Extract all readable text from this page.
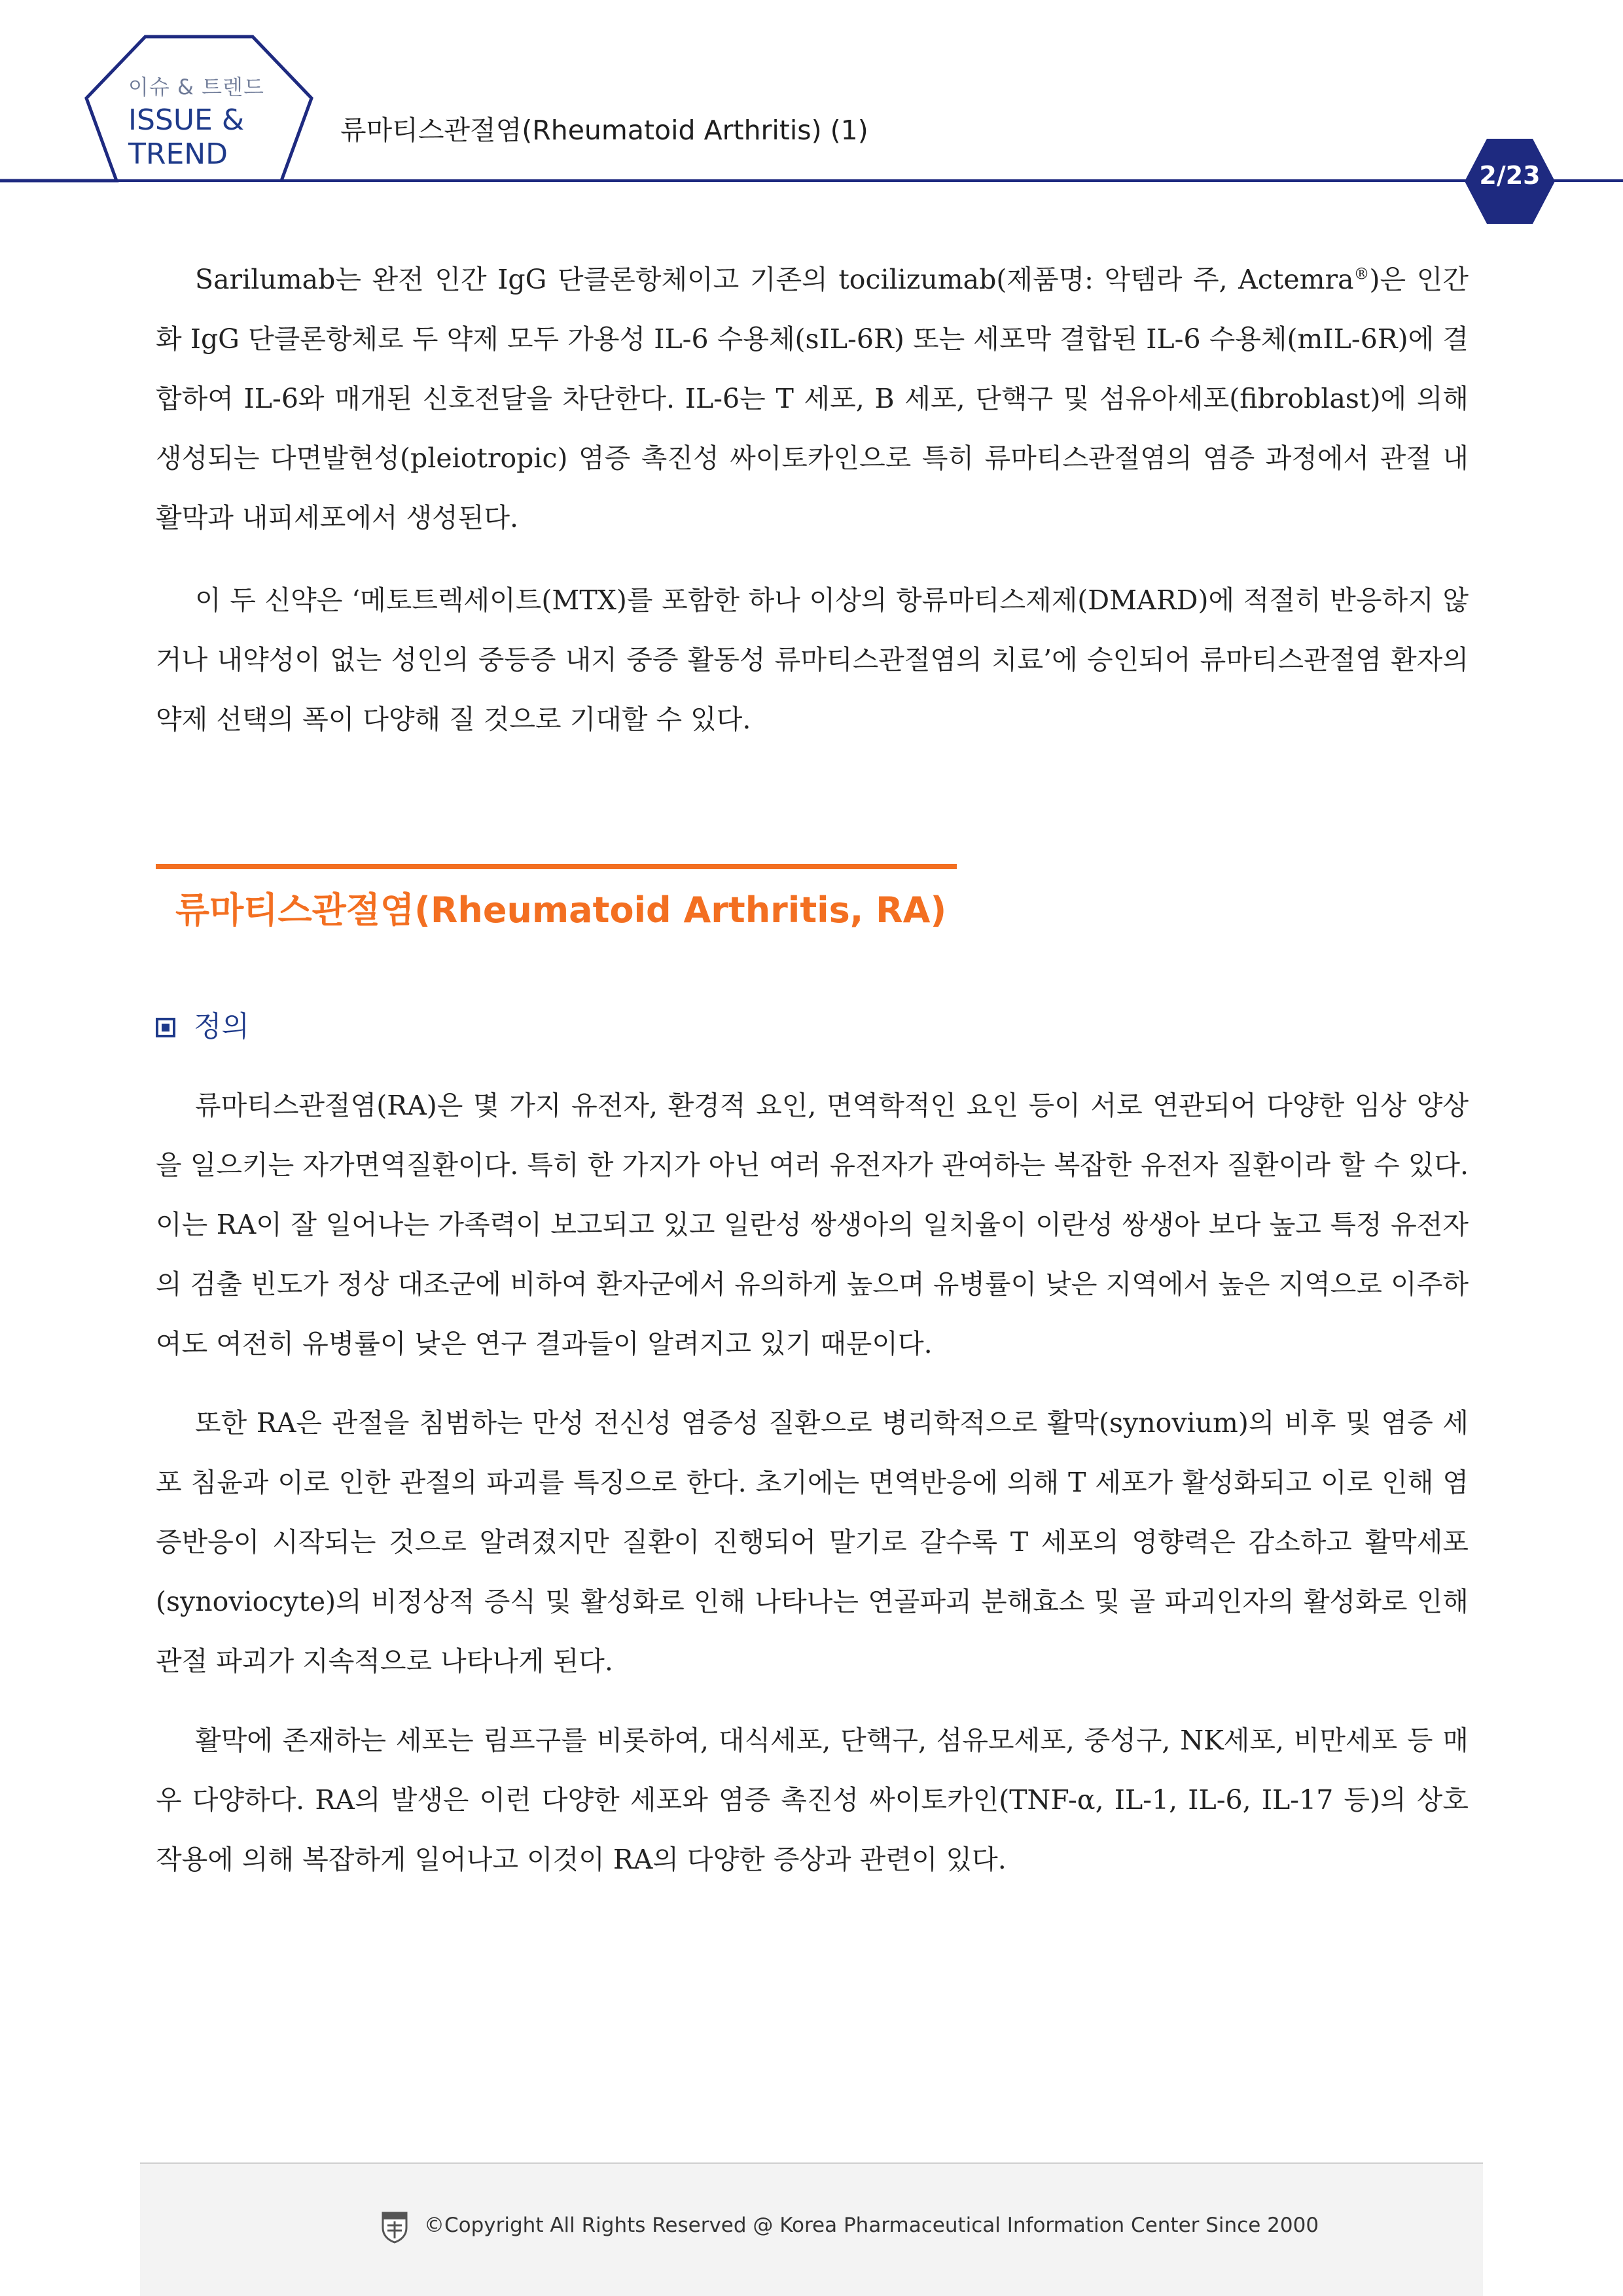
이슈 & 트렌드
ISSUE &
TREND
류마티스관절염(Rheumatoid Arthritis) (1)
2/23

Sarilumab는 완전 인간 IgG 단클론항체이고 기존의 tocilizumab(제품명: 악템라 주, Actemra®)은 인간화 IgG 단클론항체로 두 약제 모두 가용성 IL-6 수용체(sIL-6R) 또는 세포막 결합된 IL-6 수용체(mIL-6R)에 결합하여 IL-6와 매개된 신호전달을 차단한다. IL-6는 T 세포, B 세포, 단핵구 및 섬유아세포(fibroblast)에 의해 생성되는 다면발현성(pleiotropic) 염증 촉진성 싸이토카인으로 특히 류마티스관절염의 염증 과정에서 관절 내 활막과 내피세포에서 생성된다.

이 두 신약은 ‘메토트렉세이트(MTX)를 포함한 하나 이상의 항류마티스제제(DMARD)에 적절히 반응하지 않거나 내약성이 없는 성인의 중등증 내지 중증 활동성 류마티스관절염의 치료’에 승인되어 류마티스관절염 환자의 약제 선택의 폭이 다양해 질 것으로 기대할 수 있다.

류마티스관절염(Rheumatoid Arthritis, RA)
정의

류마티스관절염(RA)은 몇 가지 유전자, 환경적 요인, 면역학적인 요인 등이 서로 연관되어 다양한 임상 양상을 일으키는 자가면역질환이다. 특히 한 가지가 아닌 여러 유전자가 관여하는 복잡한 유전자 질환이라 할 수 있다. 이는 RA이 잘 일어나는 가족력이 보고되고 있고 일란성 쌍생아의 일치율이 이란성 쌍생아 보다 높고 특정 유전자의 검출 빈도가 정상 대조군에 비하여 환자군에서 유의하게 높으며 유병률이 낮은 지역에서 높은 지역으로 이주하여도 여전히 유병률이 낮은 연구 결과들이 알려지고 있기 때문이다.

또한 RA은 관절을 침범하는 만성 전신성 염증성 질환으로 병리학적으로 활막(synovium)의 비후 및 염증 세포 침윤과 이로 인한 관절의 파괴를 특징으로 한다. 초기에는 면역반응에 의해 T 세포가 활성화되고 이로 인해 염증반응이 시작되는 것으로 알려졌지만 질환이 진행되어 말기로 갈수록 T 세포의 영향력은 감소하고 활막세포(synoviocyte)의 비정상적 증식 및 활성화로 인해 나타나는 연골파괴 분해효소 및 골 파괴인자의 활성화로 인해 관절 파괴가 지속적으로 나타나게 된다.

활막에 존재하는 세포는 림프구를 비롯하여, 대식세포, 단핵구, 섬유모세포, 중성구, NK세포, 비만세포 등 매우 다양하다. RA의 발생은 이런 다양한 세포와 염증 촉진성 싸이토카인(TNF-α, IL-1, IL-6, IL-17 등)의 상호 작용에 의해 복잡하게 일어나고 이것이 RA의 다양한 증상과 관련이 있다.

©Copyright All Rights Reserved @ Korea Pharmaceutical Information Center Since 2000
